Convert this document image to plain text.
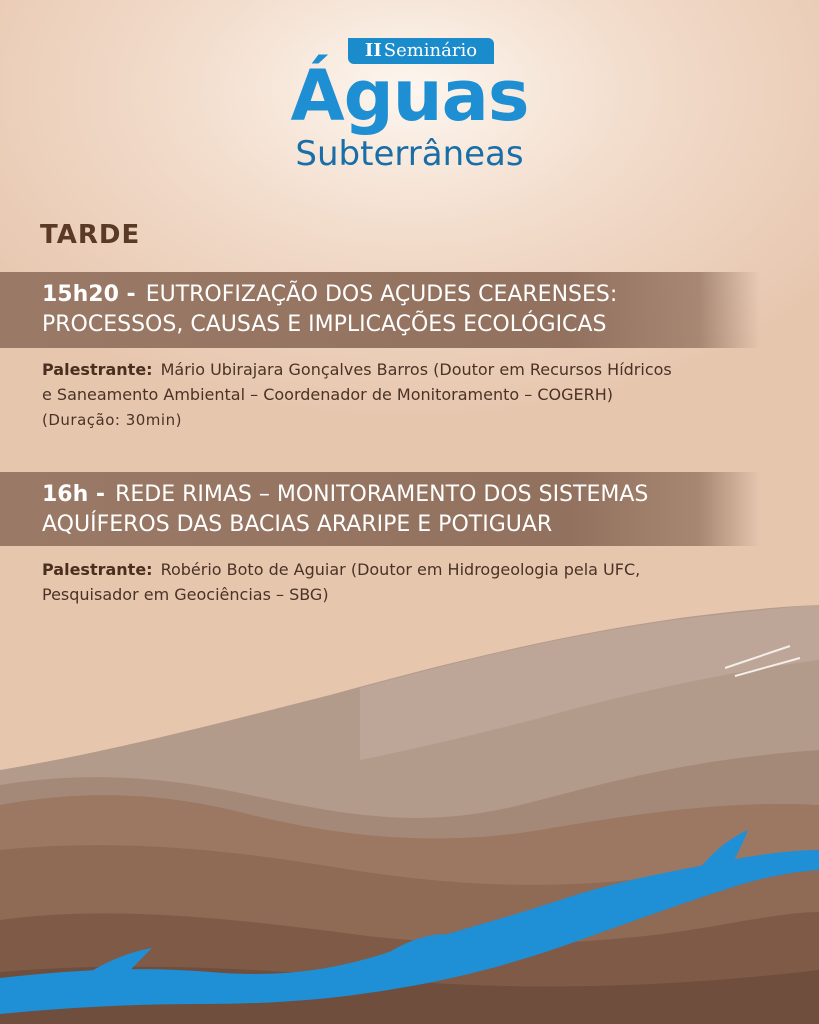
II Seminário
Águas
Subterrâneas
TARDE
15h20 - EUTROFIZAÇÃO DOS AÇUDES CEARENSES:
PROCESSOS, CAUSAS E IMPLICAÇÕES ECOLÓGICAS
Palestrante: Mário Ubirajara Gonçalves Barros (Doutor em Recursos Hídricos
e Saneamento Ambiental – Coordenador de Monitoramento – COGERH)
(Duração: 30min)
16h - REDE RIMAS – MONITORAMENTO DOS SISTEMAS
AQUÍFEROS DAS BACIAS ARARIPE E POTIGUAR
Palestrante: Robério Boto de Aguiar (Doutor em Hidrogeologia pela UFC,
Pesquisador em Geociências – SBG)
